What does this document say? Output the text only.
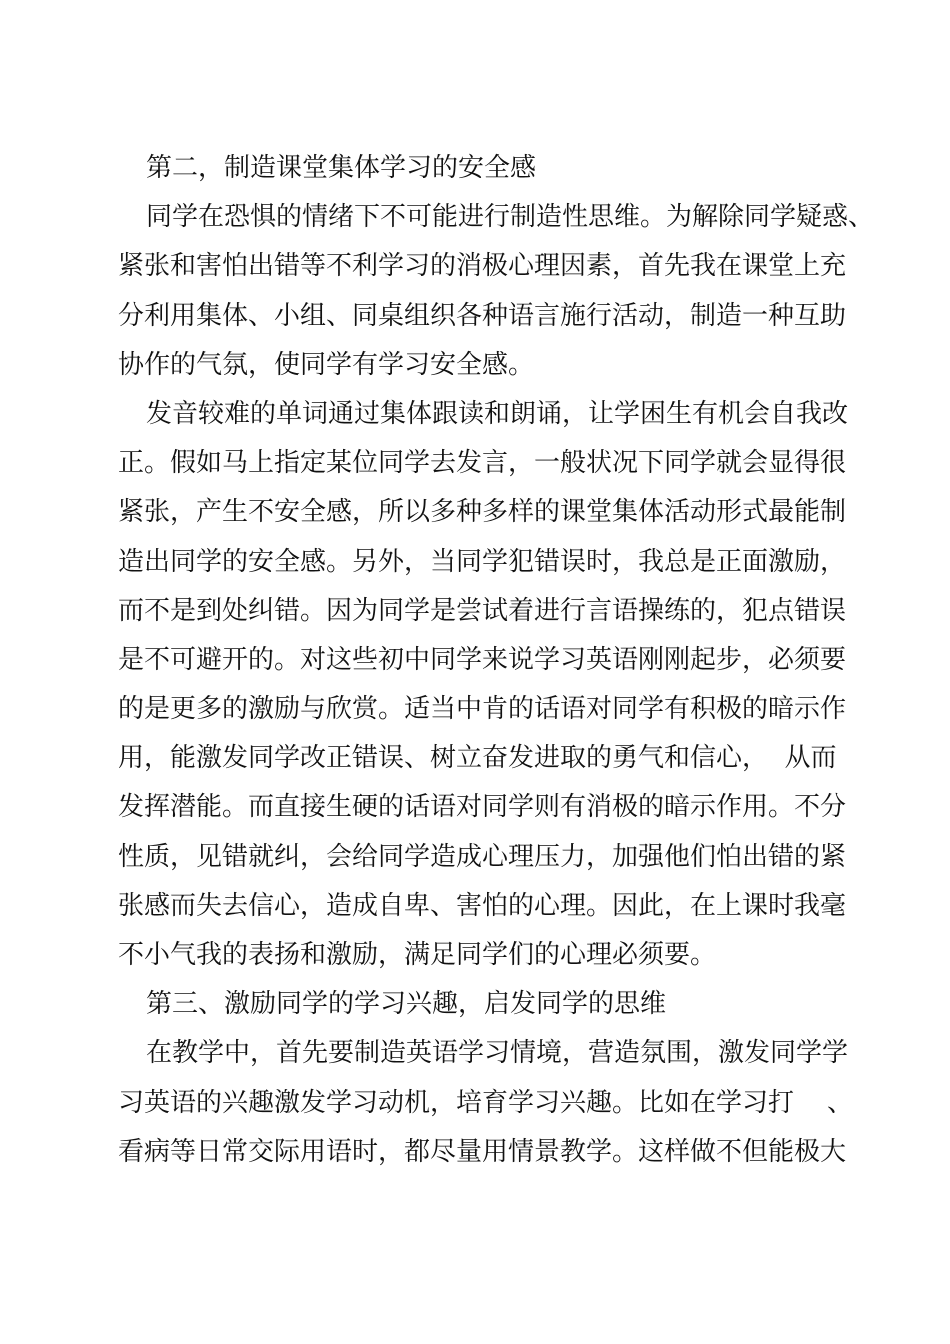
第二，制造课堂集体学习的安全感
同学在恐惧的情绪下不可能进行制造性思维。为解除同学疑惑、
紧张和害怕出错等不利学习的消极心理因素，首先我在课堂上充
分利用集体、小组、同桌组织各种语言施行活动，制造一种互助
协作的气氛，使同学有学习安全感。
发音较难的单词通过集体跟读和朗诵，让学困生有机会自我改
正。假如马上指定某位同学去发言，一般状况下同学就会显得很
紧张，产生不安全感，所以多种多样的课堂集体活动形式最能制
造出同学的安全感。另外，当同学犯错误时，我总是正面激励，
而不是到处纠错。因为同学是尝试着进行言语操练的，犯点错误
是不可避开的。对这些初中同学来说学习英语刚刚起步，必须要
的是更多的激励与欣赏。适当中肯的话语对同学有积极的暗示作
用，能激发同学改正错误、树立奋发进取的勇气和信心，  从而
发挥潜能。而直接生硬的话语对同学则有消极的暗示作用。不分
性质，见错就纠，会给同学造成心理压力，加强他们怕出错的紧
张感而失去信心，造成自卑、害怕的心理。因此，在上课时我毫
不小气我的表扬和激励，满足同学们的心理必须要。
第三、激励同学的学习兴趣，启发同学的思维
在教学中，首先要制造英语学习情境，营造氛围，激发同学学
习英语的兴趣激发学习动机，培育学习兴趣。比如在学习打    、
看病等日常交际用语时，都尽量用情景教学。这样做不但能极大
